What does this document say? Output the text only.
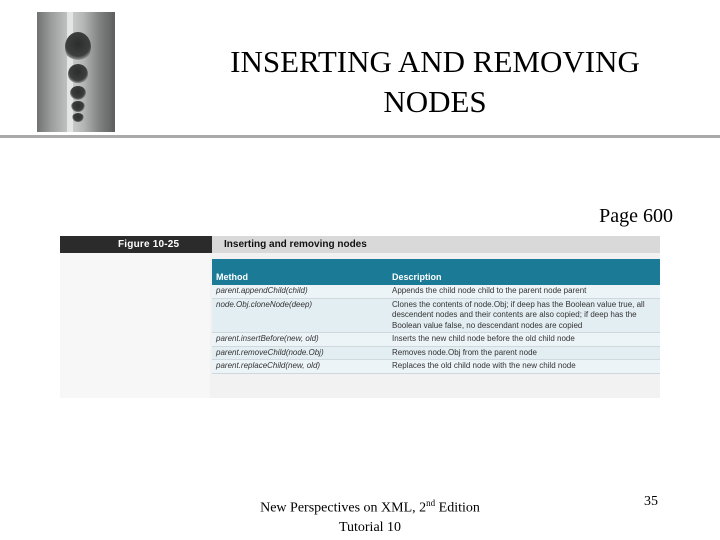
INSERTING AND REMOVING
NODES
Page 600
Figure 10-25	Inserting and removing nodes
Method	Description
parent.appendChild(child)	Appends the child node child to the parent node parent
node.Obj.cloneNode(deep)	Clones the contents of node.Obj; if deep has the Boolean value true, all descendent nodes and their contents are also copied; if deep has the Boolean value false, no descendant nodes are copied
parent.insertBefore(new, old)	Inserts the new child node before the old child node
parent.removeChild(node.Obj)	Removes node.Obj from the parent node
parent.replaceChild(new, old)	Replaces the old child node with the new child node
New Perspectives on XML, 2nd Edition
Tutorial 10
35
